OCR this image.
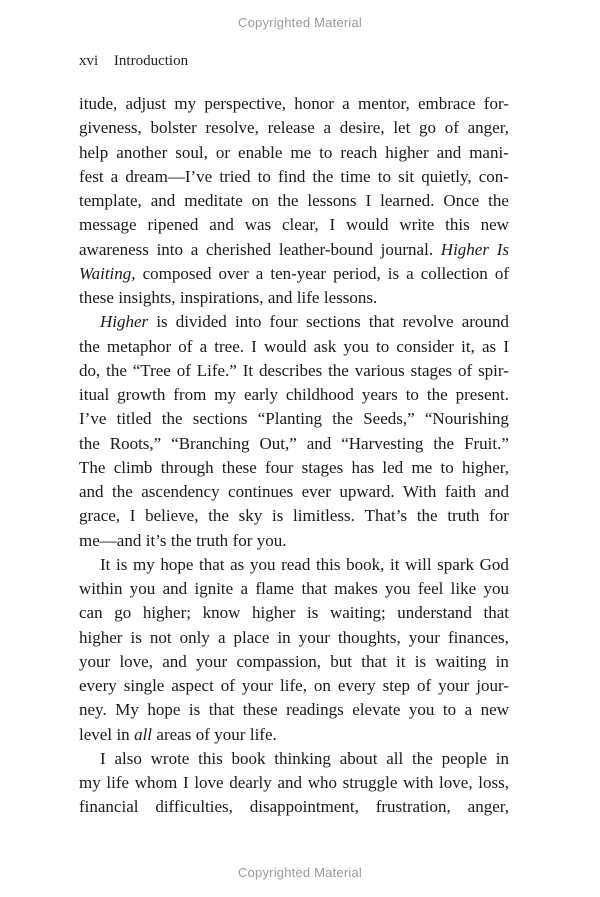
Copyrighted Material
xvi Introduction
itude, adjust my perspective, honor a mentor, embrace for-
giveness, bolster resolve, release a desire, let go of anger,
help another soul, or enable me to reach higher and mani-
fest a dream—I’ve tried to find the time to sit quietly, con-
template, and meditate on the lessons I learned. Once the
message ripened and was clear, I would write this new
awareness into a cherished leather-bound journal. Higher Is
Waiting, composed over a ten-year period, is a collection of
these insights, inspirations, and life lessons.
Higher is divided into four sections that revolve around
the metaphor of a tree. I would ask you to consider it, as I
do, the “Tree of Life.” It describes the various stages of spir-
itual growth from my early childhood years to the present.
I’ve titled the sections “Planting the Seeds,” “Nourishing
the Roots,” “Branching Out,” and “Harvesting the Fruit.”
The climb through these four stages has led me to higher,
and the ascendency continues ever upward. With faith and
grace, I believe, the sky is limitless. That’s the truth for
me—and it’s the truth for you.
It is my hope that as you read this book, it will spark God
within you and ignite a flame that makes you feel like you
can go higher; know higher is waiting; understand that
higher is not only a place in your thoughts, your finances,
your love, and your compassion, but that it is waiting in
every single aspect of your life, on every step of your jour-
ney. My hope is that these readings elevate you to a new
level in all areas of your life.
I also wrote this book thinking about all the people in
my life whom I love dearly and who struggle with love, loss,
financial difficulties, disappointment, frustration, anger,
Copyrighted Material
